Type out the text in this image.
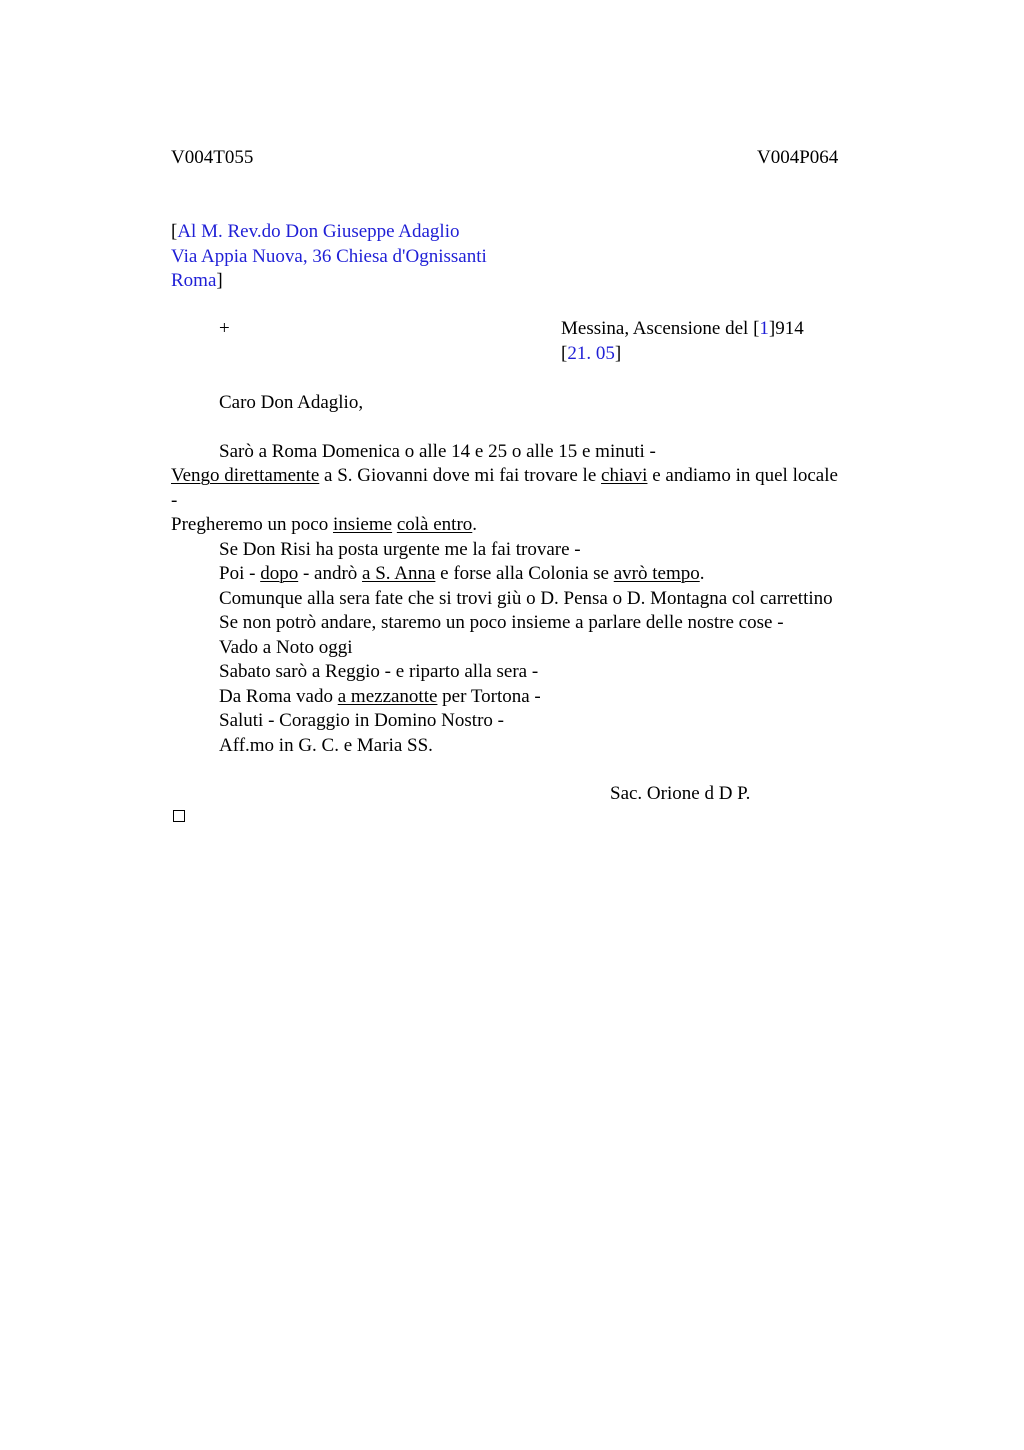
V004T055	V004P064
[Al M. Rev.do Don Giuseppe Adaglio
Via Appia Nuova, 36 Chiesa d'Ognissanti
Roma]
+	Messina, Ascensione del [1]914
[21. 05]
Caro Don Adaglio,
Sarò a Roma Domenica o alle 14 e 25 o alle 15 e minuti -
Vengo direttamente a S. Giovanni dove mi fai trovare le chiavi e andiamo in quel locale
-
Pregheremo un poco insieme colà entro.
Se Don Risi ha posta urgente me la fai trovare -
Poi - dopo - andrò a S. Anna e forse alla Colonia se avrò tempo.
Comunque alla sera fate che si trovi giù o D. Pensa o D. Montagna col carrettino
Se non potrò andare, staremo un poco insieme a parlare delle nostre cose -
Vado a Noto oggi
Sabato sarò a Reggio - e riparto alla sera -
Da Roma vado a mezzanotte per Tortona -
Saluti - Coraggio in Domino Nostro -
Aff.mo in G. C. e Maria SS.
Sac. Orione d D P.
